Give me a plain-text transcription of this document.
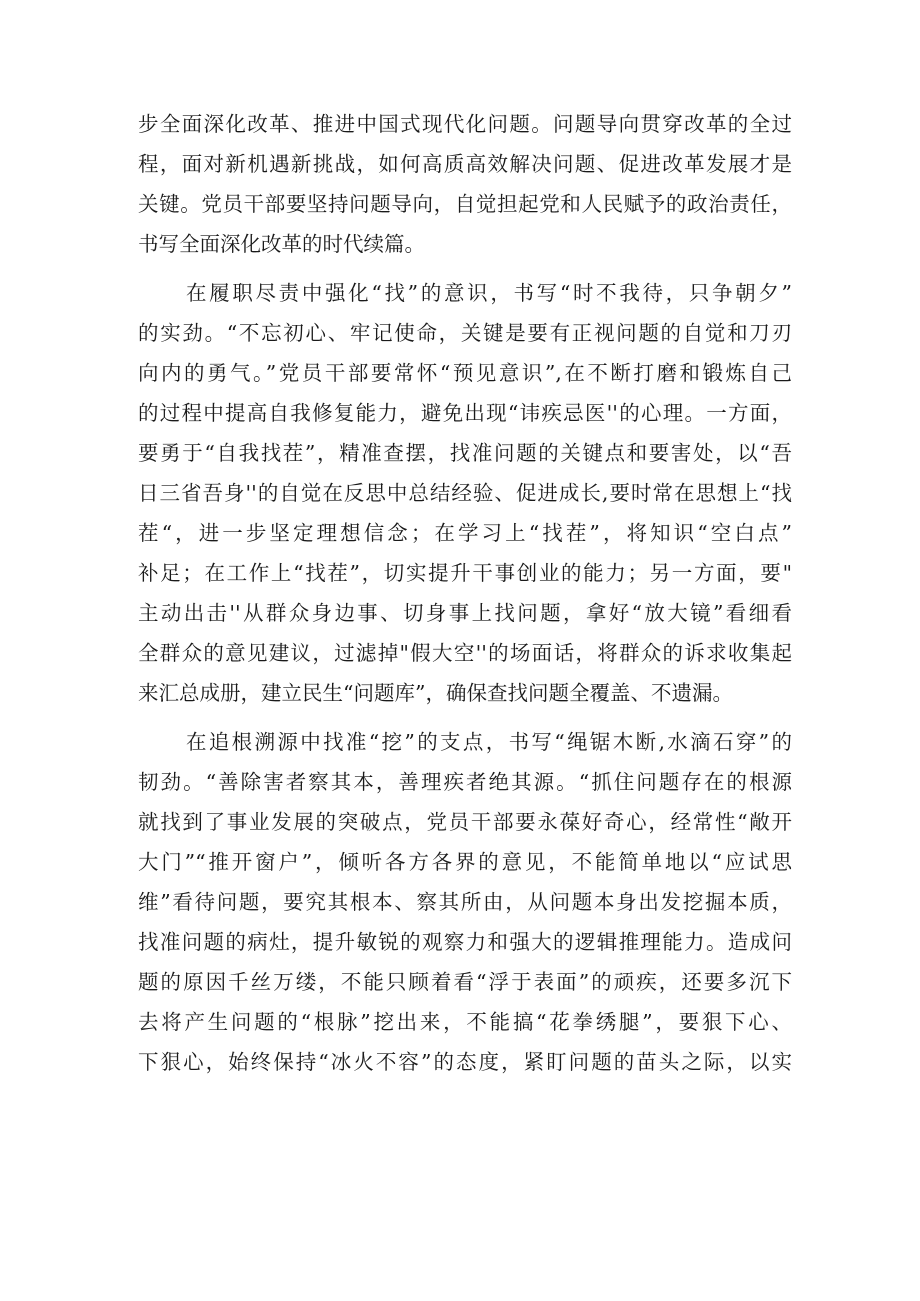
步全面深化改革、推进中国式现代化问题。问题导向贯穿改革的全过
程，面对新机遇新挑战，如何高质高效解决问题、促进改革发展才是
关键。党员干部要坚持问题导向，自觉担起党和人民赋予的政治责任，
书写全面深化改革的时代续篇。
在履职尽责中强化“找”的意识，书写“时不我待，只争朝夕”
的实劲。“不忘初心、牢记使命，关键是要有正视问题的自觉和刀刃
向内的勇气。”党员干部要常怀“预见意识”,在不断打磨和锻炼自己
的过程中提高自我修复能力，避免出现“讳疾忌医''的心理。一方面，
要勇于“自我找茬”，精准查摆，找准问题的关键点和要害处，以“吾
日三省吾身''的自觉在反思中总结经验、促进成长,要时常在思想上“找
茬“，进一步坚定理想信念；在学习上“找茬”，将知识“空白点”
补足；在工作上“找茬”，切实提升干事创业的能力；另一方面，要"
主动出击''从群众身边事、切身事上找问题，拿好“放大镜”看细看
全群众的意见建议，过滤掉"假大空''的场面话，将群众的诉求收集起
来汇总成册，建立民生“问题库”，确保查找问题全覆盖、不遗漏。
在追根溯源中找准“挖”的支点，书写“绳锯木断,水滴石穿”的
韧劲。“善除害者察其本，善理疾者绝其源。“抓住问题存在的根源
就找到了事业发展的突破点，党员干部要永葆好奇心，经常性“敞开
大门”“推开窗户”，倾听各方各界的意见，不能简单地以“应试思
维”看待问题，要究其根本、察其所由，从问题本身出发挖掘本质，
找准问题的病灶，提升敏锐的观察力和强大的逻辑推理能力。造成问
题的原因千丝万缕，不能只顾着看“浮于表面”的顽疾，还要多沉下
去将产生问题的“根脉”挖出来，不能搞“花拳绣腿”，要狠下心、
下狠心，始终保持“冰火不容”的态度，紧盯问题的苗头之际，以实
